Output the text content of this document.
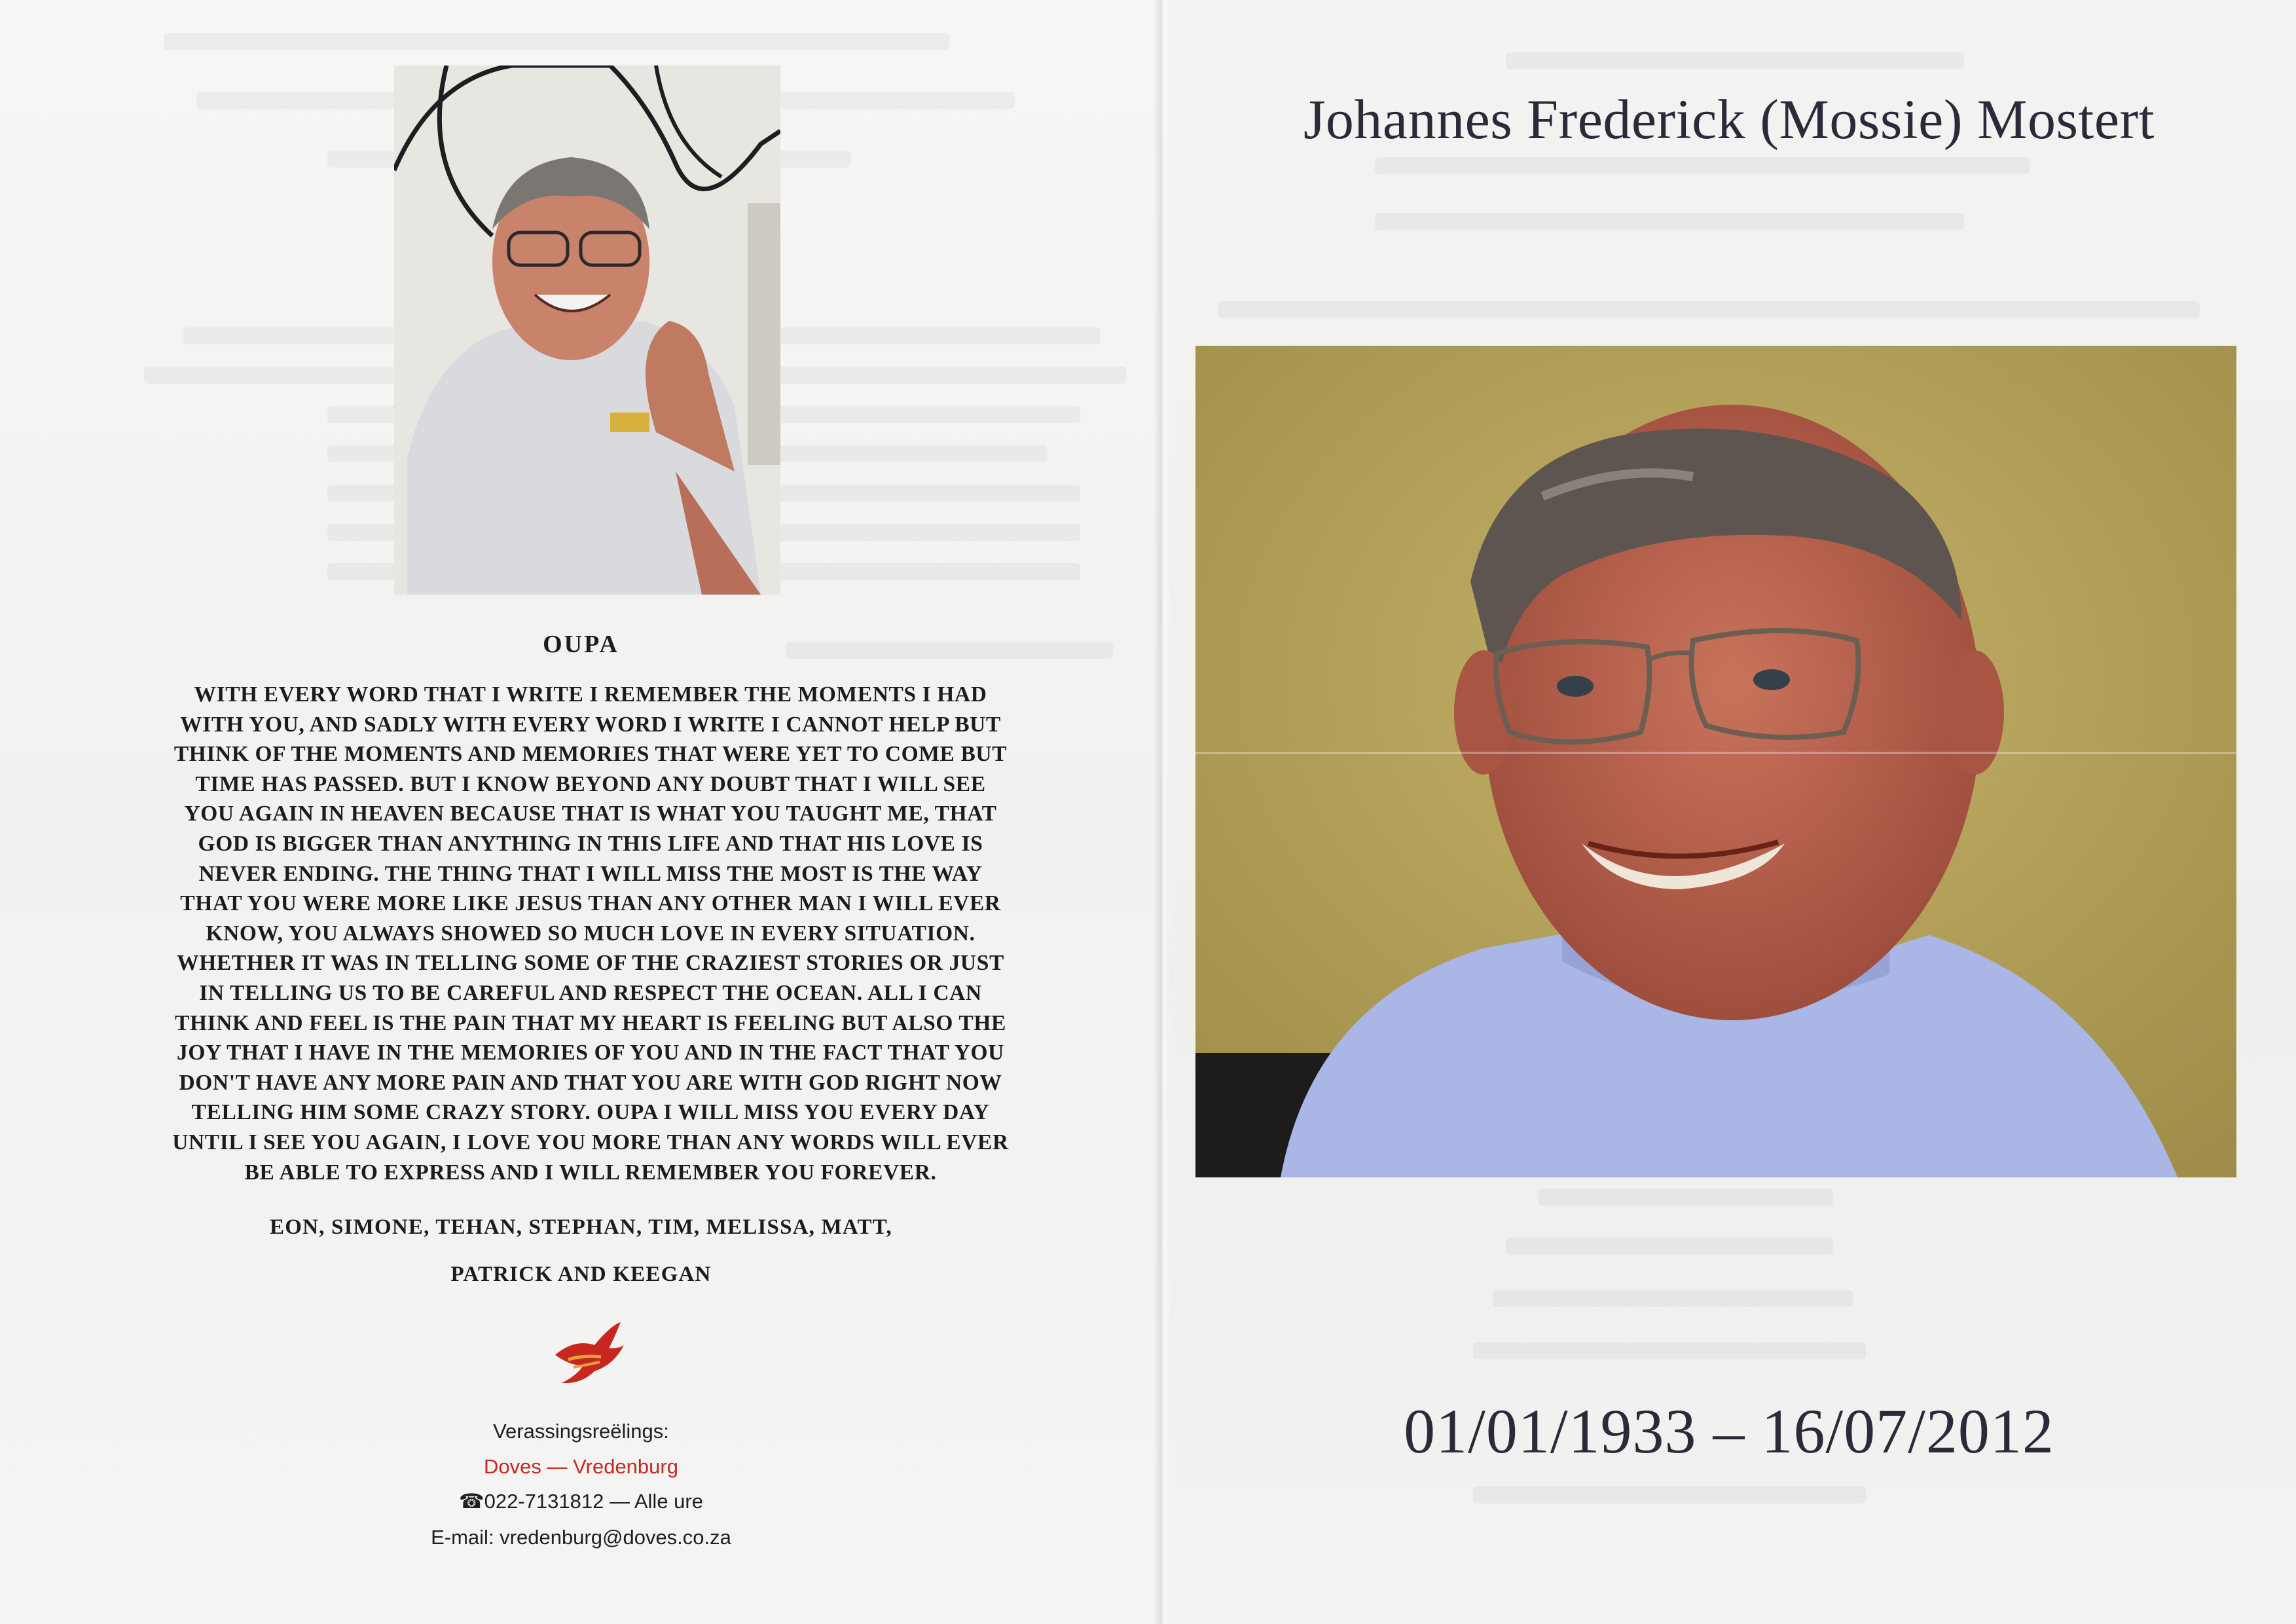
OUPA
WITH EVERY WORD THAT I WRITE I REMEMBER THE MOMENTS I HAD
WITH YOU, AND SADLY WITH EVERY WORD I WRITE I CANNOT HELP BUT
THINK OF THE MOMENTS AND MEMORIES THAT WERE YET TO COME BUT
TIME HAS PASSED. BUT I KNOW BEYOND ANY DOUBT THAT I WILL SEE
YOU AGAIN IN HEAVEN BECAUSE THAT IS WHAT YOU TAUGHT ME, THAT
GOD IS BIGGER THAN ANYTHING IN THIS LIFE AND THAT HIS LOVE IS
NEVER ENDING. THE THING THAT I WILL MISS THE MOST IS THE WAY
THAT YOU WERE MORE LIKE JESUS THAN ANY OTHER MAN I WILL EVER
KNOW, YOU ALWAYS SHOWED SO MUCH LOVE IN EVERY SITUATION.
WHETHER IT WAS IN TELLING SOME OF THE CRAZIEST STORIES OR JUST
IN TELLING US TO BE CAREFUL AND RESPECT THE OCEAN. ALL I CAN
THINK AND FEEL IS THE PAIN THAT MY HEART IS FEELING BUT ALSO THE
JOY THAT I HAVE IN THE MEMORIES OF YOU AND IN THE FACT THAT YOU
DON'T HAVE ANY MORE PAIN AND THAT YOU ARE WITH GOD RIGHT NOW
TELLING HIM SOME CRAZY STORY. OUPA I WILL MISS YOU EVERY DAY
UNTIL I SEE YOU AGAIN, I LOVE YOU MORE THAN ANY WORDS WILL EVER
BE ABLE TO EXPRESS AND I WILL REMEMBER YOU FOREVER.
EON, SIMONE, TEHAN, STEPHAN, TIM, MELISSA, MATT,
PATRICK AND KEEGAN
Verassingsreëlings:
Doves — Vredenburg
☎022-7131812 — Alle ure
E-mail: vredenburg@doves.co.za
Johannes Frederick (Mossie) Mostert
01/01/1933 – 16/07/2012
